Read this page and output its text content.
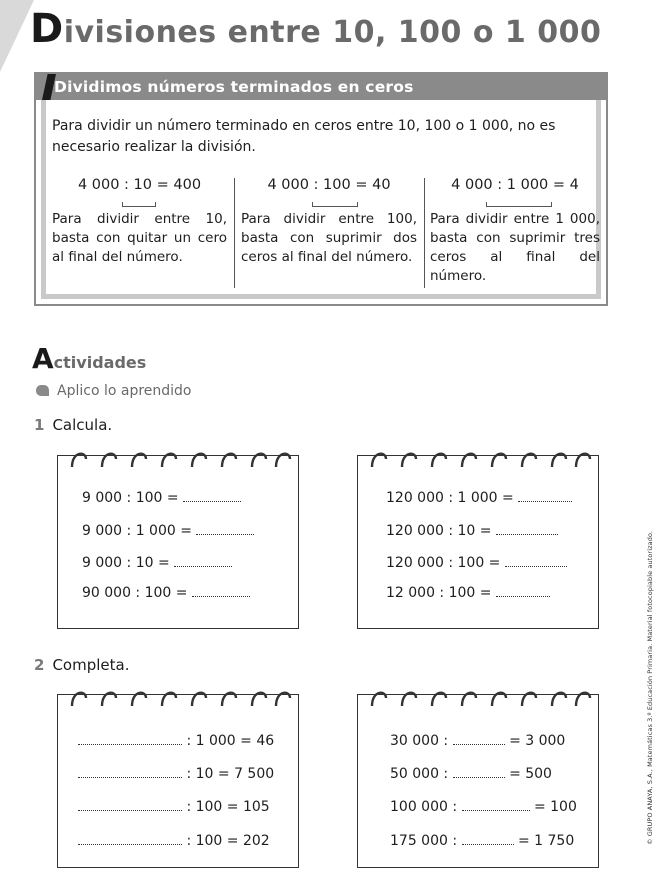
Divisiones entre 10, 100 o 1 000
Dividimos números terminados en ceros
Para dividir un número terminado en ceros entre 10, 100 o 1 000, no es necesario realizar la división.
4 000 : 10 = 400
Para dividir entre 10, basta con quitar un cero al final del número.
4 000 : 100 = 40
Para dividir entre 100, basta con suprimir dos ceros al final del número.
4 000 : 1 000 = 4
Para dividir entre 1 000, basta con suprimir tres ceros al final del número.
Actividades
Aplico lo aprendido
1 Calcula.
9 000 : 100 =
9 000 : 1 000 =
9 000 : 10 =
90 000 : 100 =
120 000 : 1 000 =
120 000 : 10 =
120 000 : 100 =
12 000 : 100 =
2 Completa.
: 1 000 = 46
: 10 = 7 500
: 100 = 105
: 100 = 202
30 000 :	= 3 000
50 000 :	= 500
100 000 :	= 100
175 000 :	= 1 750	© GRUPO ANAYA, S.A., Matemáticas 3.º Educación Primaria. Material fotocopiable autorizado.
